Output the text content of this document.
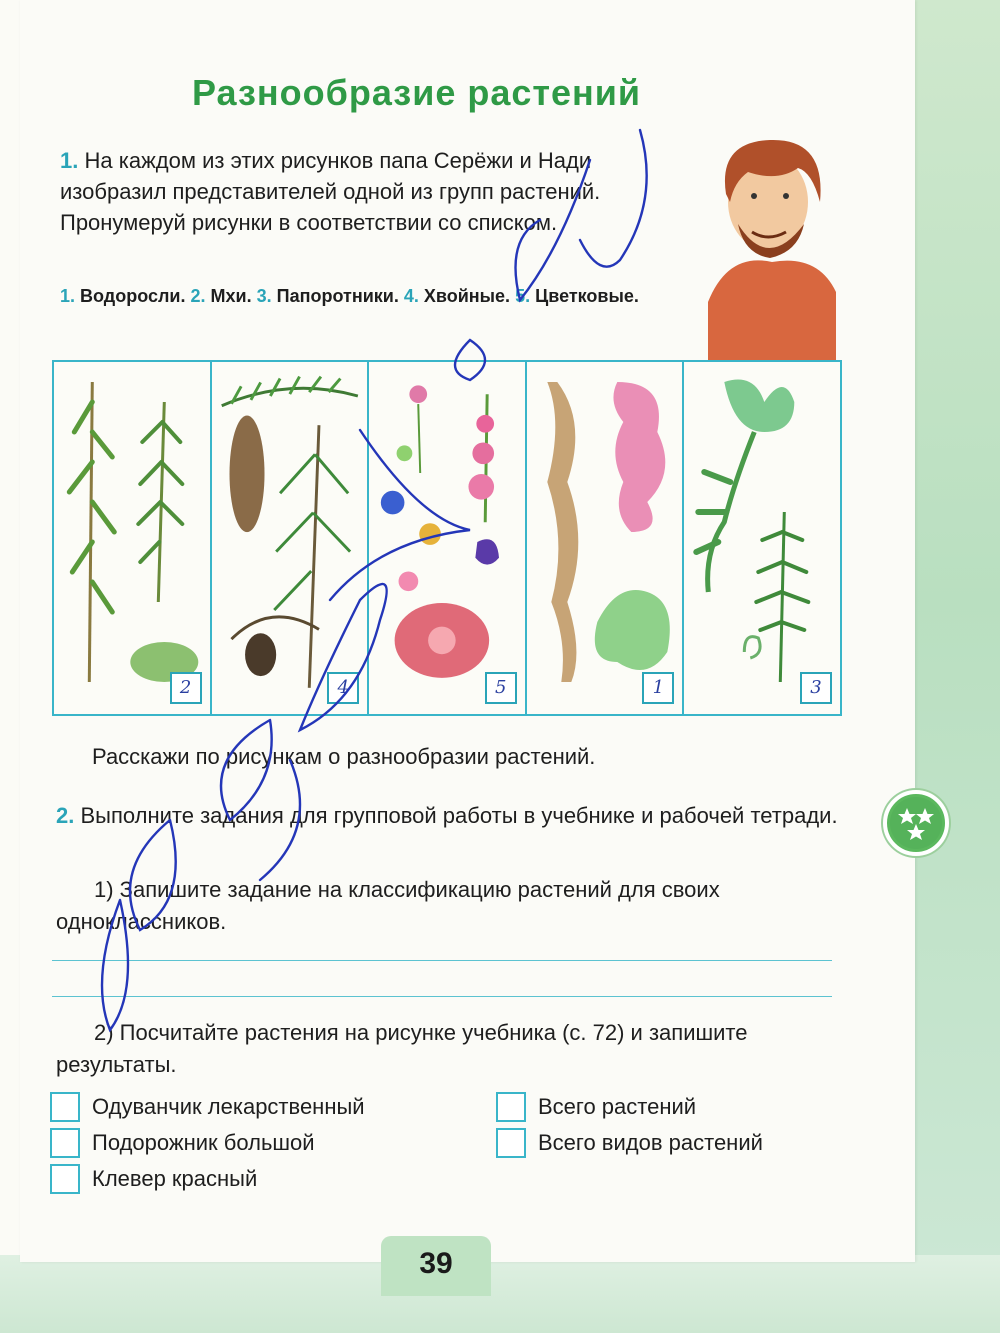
Разнообразие растений
1. На каждом из этих рисунков папа Серёжи и Нади изобразил представителей одной из групп растений. Пронумеруй рисунки в соответствии со списком.
1. Водоросли. 2. Мхи. 3. Папоротники. 4. Хвойные. 5. Цветковые.
2	4	5	1	3
Расскажи по рисункам о разнообразии растений.
2. Выполните задания для групповой работы в учебнике и рабочей тетради.
1) Запишите задание на классификацию растений для своих одноклассников.
2) Посчитайте растения на рисунке учебника (с. 72) и запишите результаты.
Одуванчик лекарственный
Подорожник большой
Клевер красный
Всего растений
Всего видов растений
39
